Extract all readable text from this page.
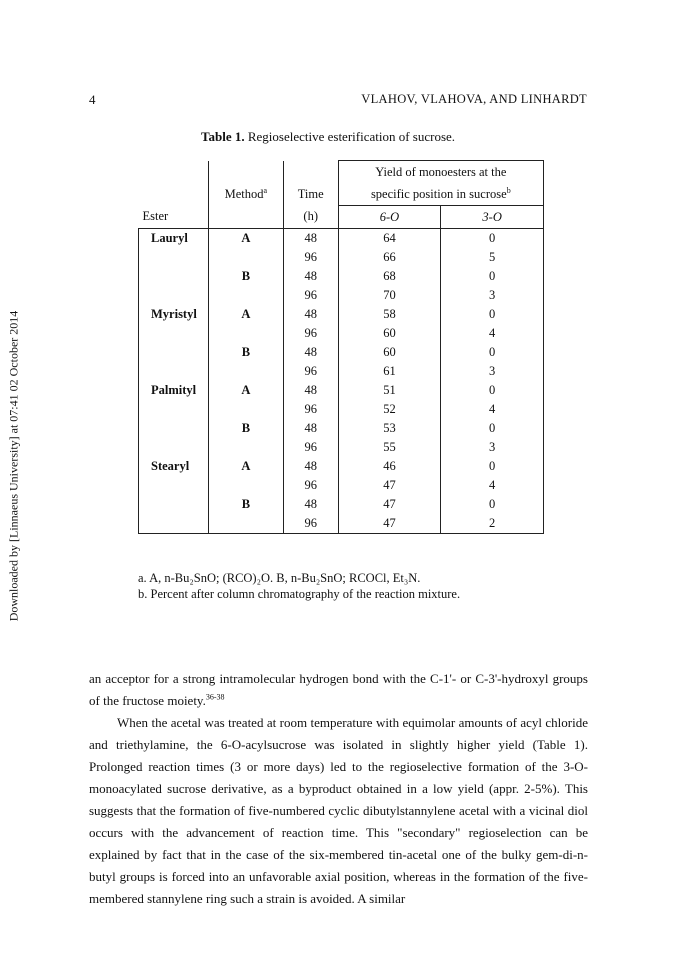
4	VLAHOV, VLAHOVA, AND LINHARDT
Downloaded by [Linnaeus University] at 07:41 02 October 2014
Table 1. Regioselective esterification of sucrose.
			Yield of monoesters at the	
	Method$^a$	Time	specific position in sucrose$^b$
Ester		(h)	6-O	3-O
Lauryl	A	48	64	0
		96	66	5
	B	48	68	0
		96	70	3
Myristyl	A	48	58	0
		96	60	4
	B	48	60	0
		96	61	3
Palmityl	A	48	51	0
		96	52	4
	B	48	53	0
		96	55	3
Stearyl	A	48	46	0
		96	47	4
	B	48	47	0
		96	47	2
a. A, n-Bu₂SnO; (RCO)₂O. B, n-Bu₂SnO; RCOCl, Et₃N.
b. Percent after column chromatography of the reaction mixture.

an acceptor for a strong intramolecular hydrogen bond with the C-1'- or C-3'-hydroxyl groups of the fructose moiety.$^{36-38}$

When the acetal was treated at room temperature with equimolar amounts of acyl chloride and triethylamine, the 6-O-acylsucrose was isolated in slightly higher yield (Table 1). Prolonged reaction times (3 or more days) led to the regioselective formation of the 3-O-monoacylated sucrose derivative, as a byproduct obtained in a low yield (appr. 2-5%). This suggests that the formation of five-numbered cyclic dibutylstannylene acetal with a vicinal diol occurs with the advancement of reaction time. This "secondary" regioselection can be explained by fact that in the case of the six-membered tin-acetal one of the bulky gem-di-n-butyl groups is forced into an unfavorable axial position, whereas in the formation of the five-membered stannylene ring such a strain is avoided. A similar
